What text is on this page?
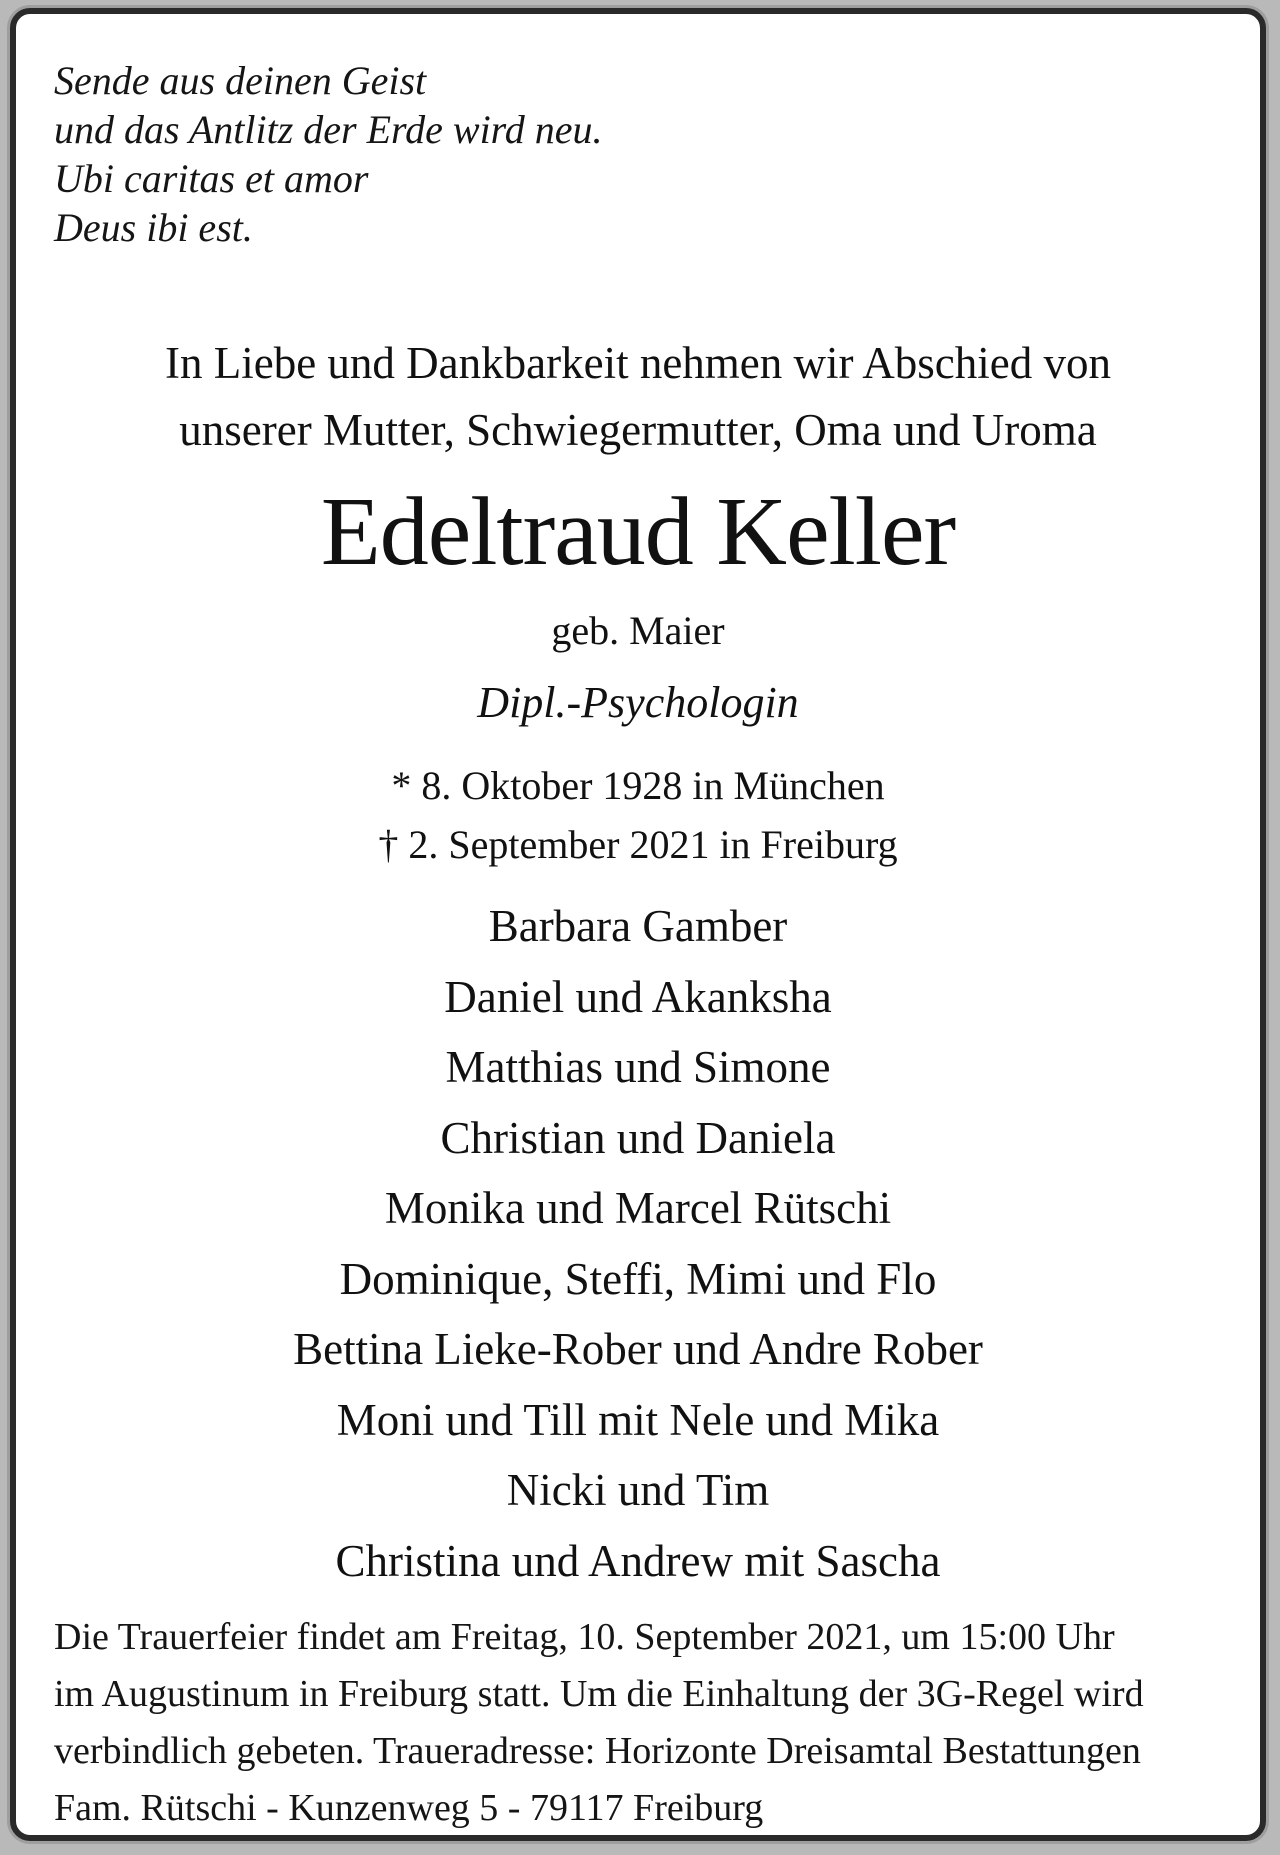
Sende aus deinen Geist
und das Antlitz der Erde wird neu.
Ubi caritas et amor
Deus ibi est.
In Liebe und Dankbarkeit nehmen wir Abschied von
unserer Mutter, Schwiegermutter, Oma und Uroma
Edeltraud Keller
geb. Maier
Dipl.-Psychologin
* 8. Oktober 1928 in München
† 2. September 2021 in Freiburg
Barbara Gamber
Daniel und Akanksha
Matthias und Simone
Christian und Daniela
Monika und Marcel Rütschi
Dominique, Steffi, Mimi und Flo
Bettina Lieke-Rober und Andre Rober
Moni und Till mit Nele und Mika
Nicki und Tim
Christina und Andrew mit Sascha
Die Trauerfeier findet am Freitag, 10. September 2021, um 15:00 Uhr
im Augustinum in Freiburg statt. Um die Einhaltung der 3G-Regel wird
verbindlich gebeten. Traueradresse: Horizonte Dreisamtal Bestattungen
Fam. Rütschi - Kunzenweg 5 - 79117 Freiburg
